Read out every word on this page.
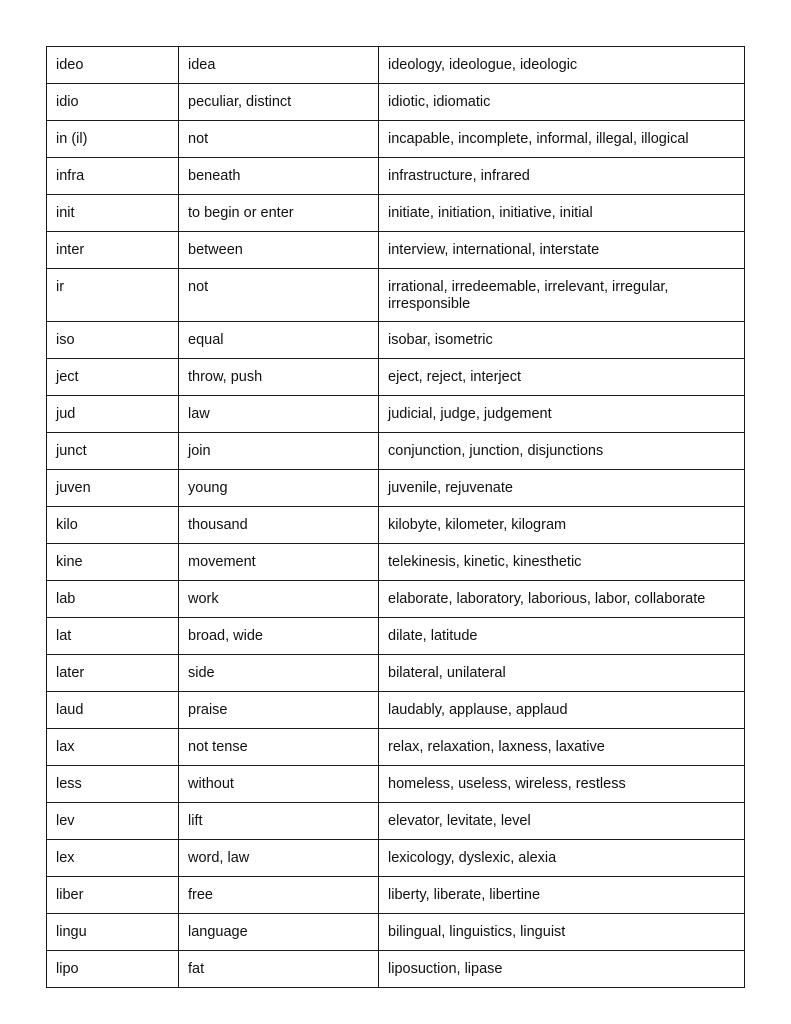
ideo	idea	ideology, ideologue, ideologic
idio	peculiar, distinct	idiotic, idiomatic
in (il)	not	incapable, incomplete, informal, illegal, illogical
infra	beneath	infrastructure, infrared
init	to begin or enter	initiate, initiation, initiative, initial
inter	between	interview, international, interstate
ir	not	irrational, irredeemable, irrelevant, irregular, irresponsible
iso	equal	isobar, isometric
ject	throw, push	eject, reject, interject
jud	law	judicial, judge, judgement
junct	join	conjunction, junction, disjunctions
juven	young	juvenile, rejuvenate
kilo	thousand	kilobyte, kilometer, kilogram
kine	movement	telekinesis, kinetic, kinesthetic
lab	work	elaborate, laboratory, laborious, labor, collaborate
lat	broad, wide	dilate, latitude
later	side	bilateral, unilateral
laud	praise	laudably, applause, applaud
lax	not tense	relax, relaxation, laxness, laxative
less	without	homeless, useless, wireless, restless
lev	lift	elevator, levitate, level
lex	word, law	lexicology, dyslexic, alexia
liber	free	liberty, liberate, libertine
lingu	language	bilingual, linguistics, linguist
lipo	fat	liposuction, lipase
